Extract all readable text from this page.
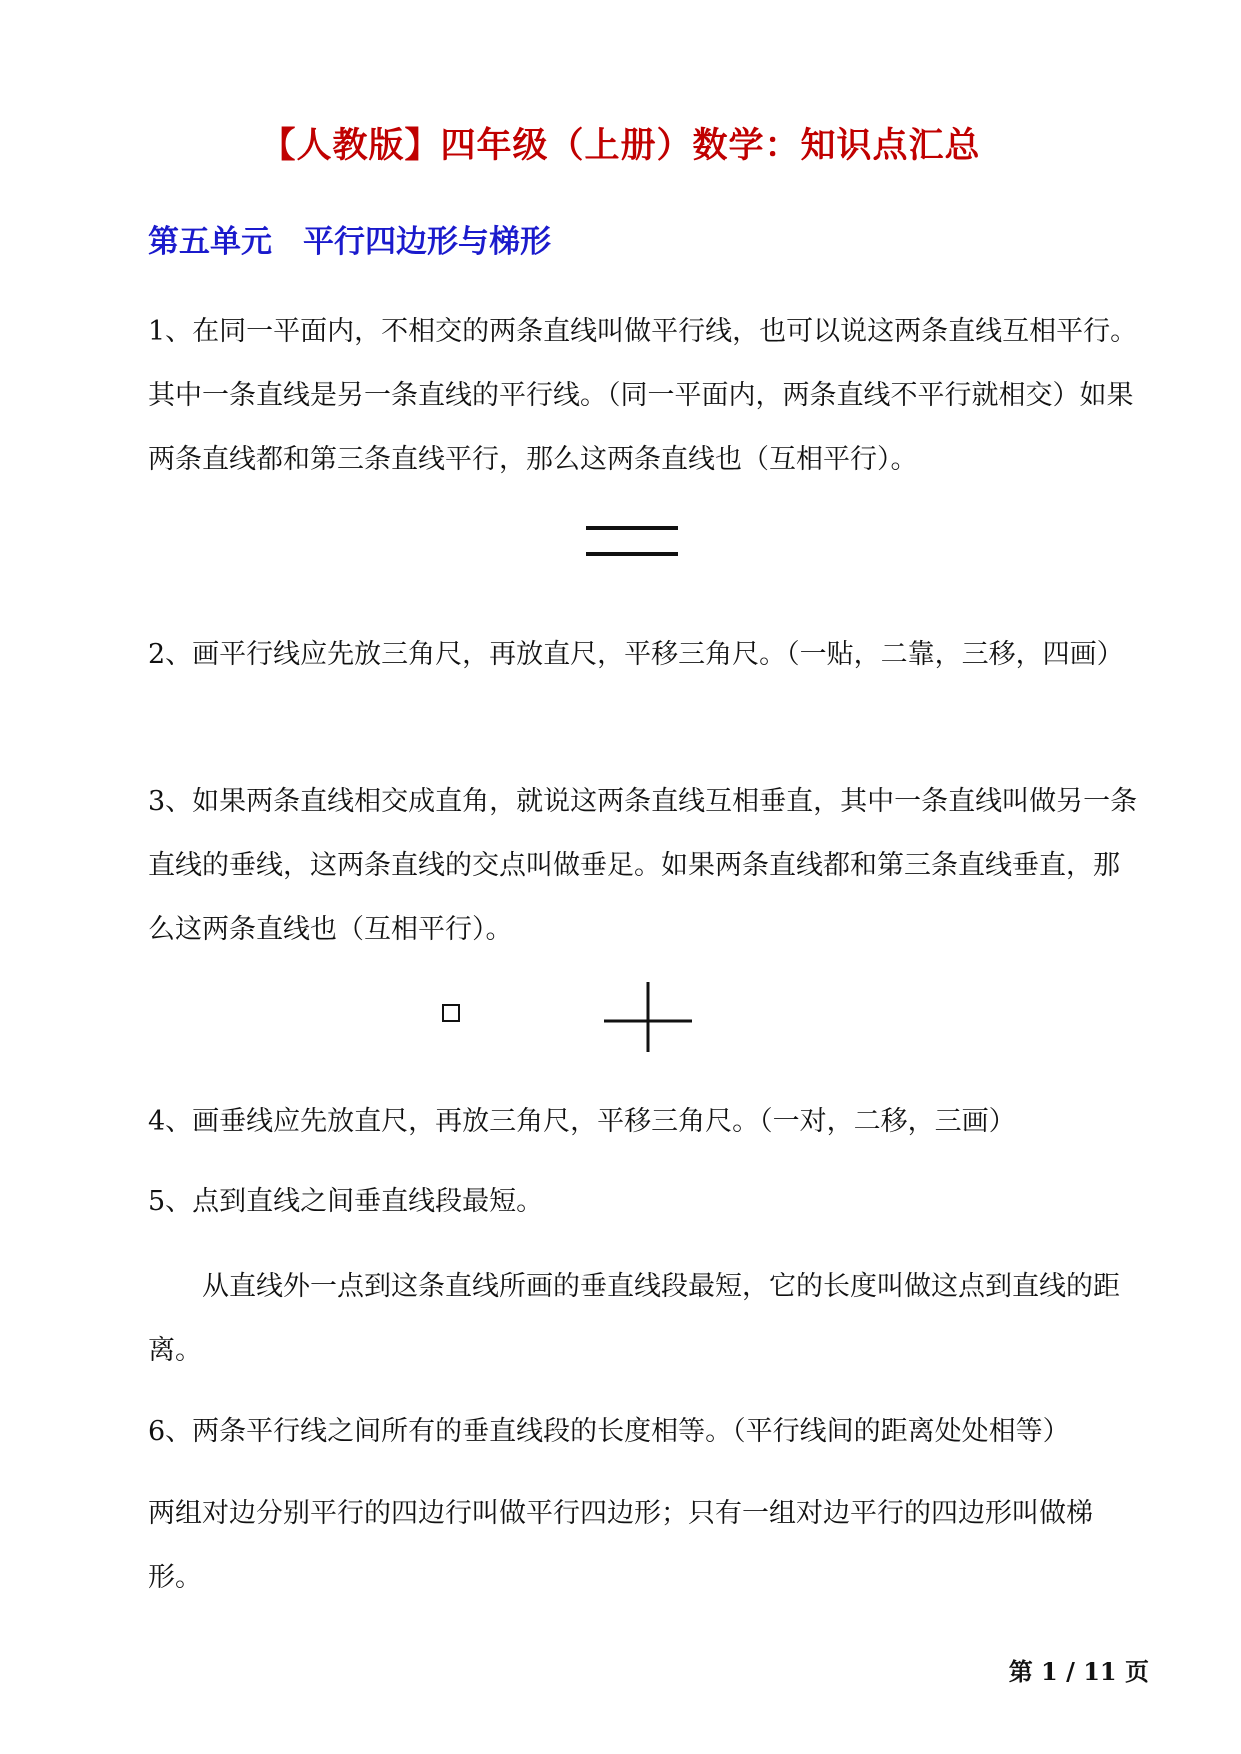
【人教版】四年级（上册）数学：知识点汇总
第五单元　平行四边形与梯形
1、在同一平面内，不相交的两条直线叫做平行线，也可以说这两条直线互相平行。其中一条直线是另一条直线的平行线。（同一平面内，两条直线不平行就相交）如果两条直线都和第三条直线平行，那么这两条直线也（互相平行）。
2、画平行线应先放三角尺，再放直尺，平移三角尺。（一贴，二靠，三移，四画）
3、如果两条直线相交成直角，就说这两条直线互相垂直，其中一条直线叫做另一条直线的垂线，这两条直线的交点叫做垂足。如果两条直线都和第三条直线垂直，那么这两条直线也（互相平行）。
4、画垂线应先放直尺，再放三角尺，平移三角尺。（一对，二移，三画）
5、点到直线之间垂直线段最短。
从直线外一点到这条直线所画的垂直线段最短，它的长度叫做这点到直线的距离。
6、两条平行线之间所有的垂直线段的长度相等。（平行线间的距离处处相等）
两组对边分别平行的四边行叫做平行四边形；只有一组对边平行的四边形叫做梯形。
第 1 / 11 页
